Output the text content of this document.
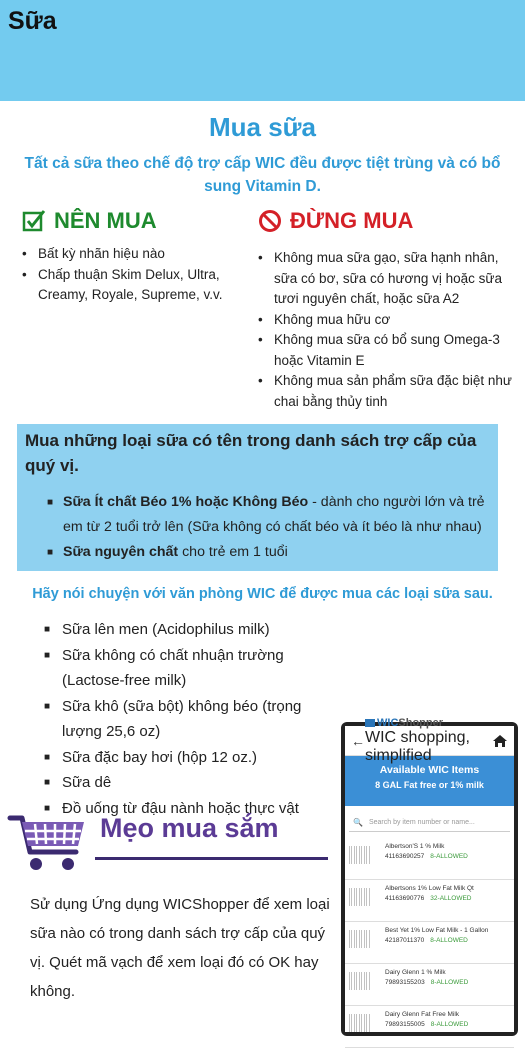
Sữa
Mua sữa
Tất cả sữa theo chế độ trợ cấp WIC đều được tiệt trùng và có bổ sung Vitamin D.
NÊN MUA	ĐỪNG MUA
• Bất kỳ nhãn hiệu nào
• Chấp thuận Skim Delux, Ultra, Creamy, Royale, Supreme, v.v.
• Không mua sữa gạo, sữa hạnh nhân, sữa có bơ, sữa có hương vị hoặc sữa tươi nguyên chất, hoặc sữa A2
• Không mua hữu cơ
• Không mua sữa có bổ sung Omega-3 hoặc Vitamin E
• Không mua sản phẩm sữa đặc biệt như chai bằng thủy tinh
Mua những loại sữa có tên trong danh sách trợ cấp của quý vị.
■ Sữa Ít chất Béo 1% hoặc Không Béo - dành cho người lớn và trẻ em từ 2 tuổi trở lên (Sữa không có chất béo và ít béo là như nhau)
■ Sữa nguyên chất cho trẻ em 1 tuổi
Hãy nói chuyện với văn phòng WIC để được mua các loại sữa sau.
■ Sữa lên men (Acidophilus milk)
■ Sữa không có chất nhuận trường (Lactose-free milk)
■ Sữa khô (sữa bột) không béo (trọng lượng 25,6 oz)
■ Sữa đặc bay hơi (hộp 12 oz.)
■ Sữa dê
■ Đồ uống từ đậu nành hoặc thực vật
Mẹo mua sắm
Sử dụng Ứng dụng WICShopper để xem loại sữa nào có trong danh sách trợ cấp của quý vị. Quét mã vạch để xem loại đó có OK hay không.
←
WICShopper
WIC shopping, simplified
Available WIC Items
8 GAL Fat free or 1% milk
🔍 Search by item number or name...
Albertson'S 1 % Milk
41163690257 8-ALLOWED
Albertsons 1% Low Fat Milk Qt
41163690776 32-ALLOWED
Best Yet 1% Low Fat Milk - 1 Gallon
42187011370 8-ALLOWED
Dairy Glenn 1 % Milk
79893155203 8-ALLOWED
Dairy Glenn Fat Free Milk
79893155005 8-ALLOWED
